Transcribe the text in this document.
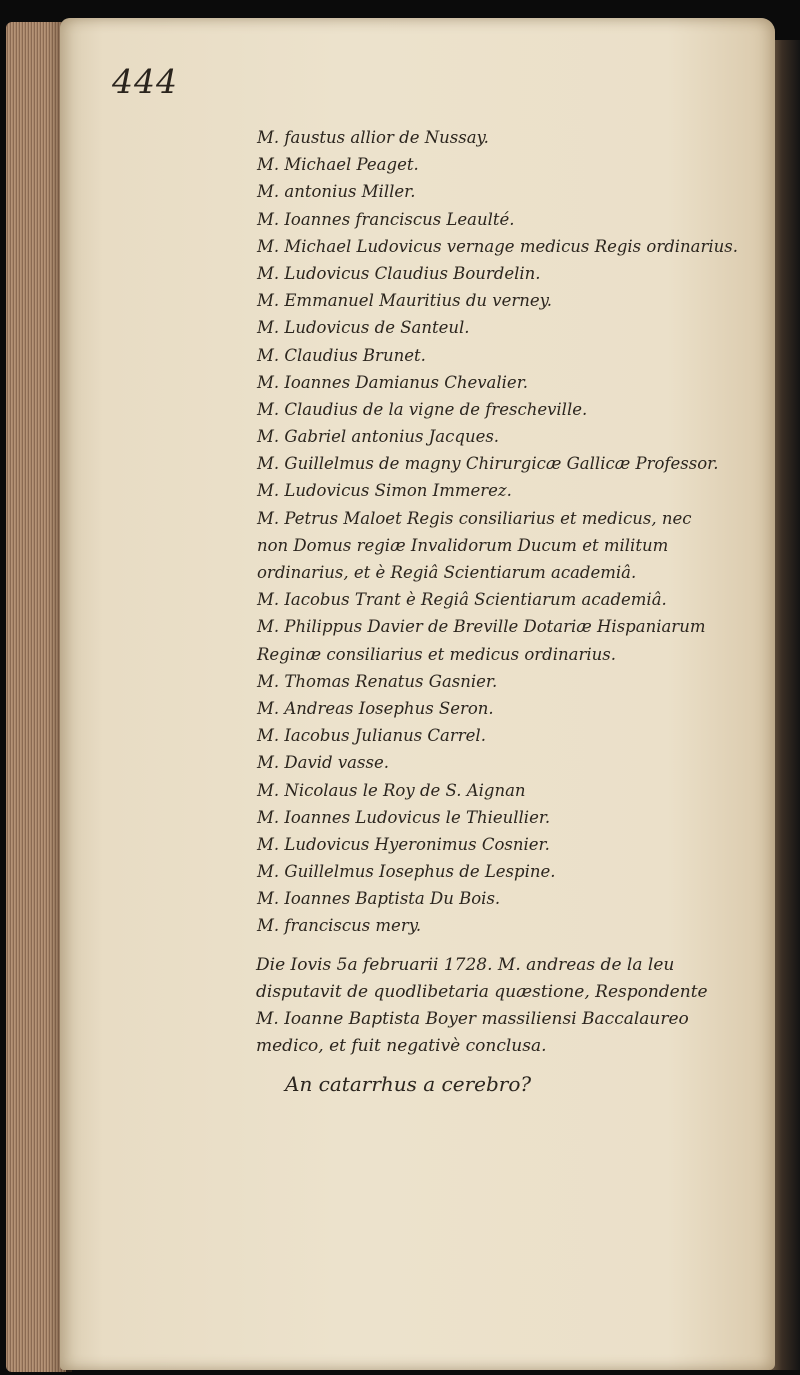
444
M. faustus allior de Nussay.
M. Michael Peaget.
M. antonius Miller.
M. Ioannes franciscus Leaulté.
M. Michael Ludovicus vernage medicus Regis ordinarius.
M. Ludovicus Claudius Bourdelin.
M. Emmanuel Mauritius du verney.
M. Ludovicus de Santeul.
M. Claudius Brunet.
M. Ioannes Damianus Chevalier.
M. Claudius de la vigne de frescheville.
M. Gabriel antonius Jacques.
M. Guillelmus de magny Chirurgicæ Gallicæ Professor.
M. Ludovicus Simon Immerez.
M. Petrus Maloet Regis consiliarius et medicus, nec
non Domus regiæ Invalidorum Ducum et militum
ordinarius, et è Regiâ Scientiarum academiâ.
M. Iacobus Trant è Regiâ Scientiarum academiâ.
M. Philippus Davier de Breville Dotariæ Hispaniarum
Reginæ consiliarius et medicus ordinarius.
M. Thomas Renatus Gasnier.
M. Andreas Iosephus Seron.
M. Iacobus Julianus Carrel.
M. David vasse.
M. Nicolaus le Roy de S. Aignan
M. Ioannes Ludovicus le Thieullier.
M. Ludovicus Hyeronimus Cosnier.
M. Guillelmus Iosephus de Lespine.
M. Ioannes Baptista Du Bois.
M. franciscus mery.
Die Iovis 5a februarii 1728. M. andreas de la leu
disputavit de quodlibetaria quæstione, Respondente
M. Ioanne Baptista Boyer massiliensi Baccalaureo
medico, et fuit negativè conclusa.
An catarrhus a cerebro?
